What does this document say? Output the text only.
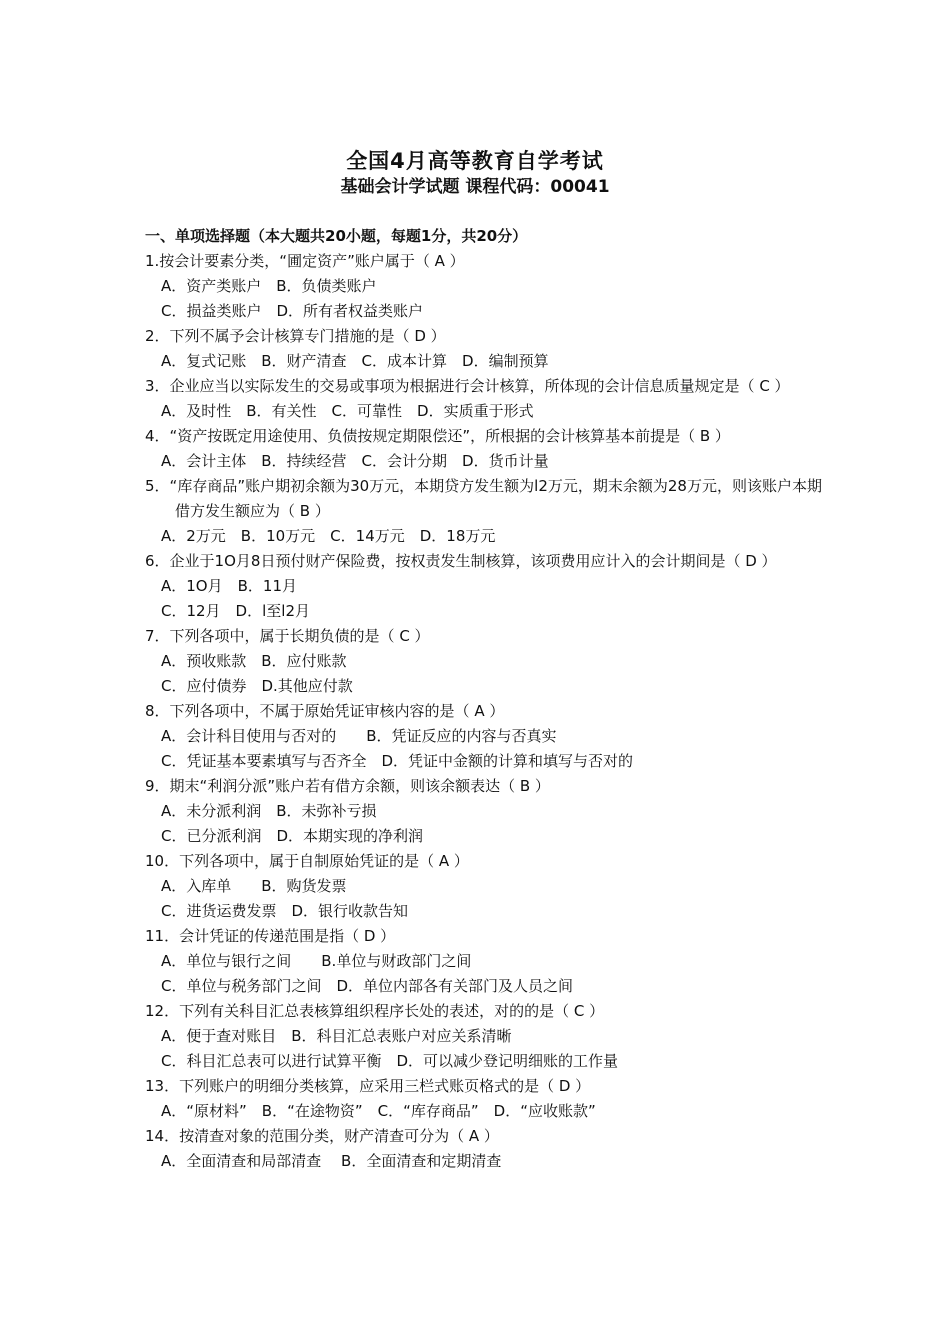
全国4月高等教育自学考试
基础会计学试题 课程代码：00041
一、单项选择题（本大题共20小题，每题1分，共20分）
1.按会计要素分类，“圃定资产”账户属于（ A ）
A．资产类账户　B．负债类账户
C．损益类账户　D．所有者权益类账户
2．下列不属予会计核算专门措施的是（ D ）
A．复式记账　B．财产清查　C．成本计算　D．编制预算
3．企业应当以实际发生的交易或事项为根据进行会计核算，所体现的会计信息质量规定是（ C ）
A．及时性　B．有关性　C．可靠性　D．实质重于形式
4．“资产按既定用途使用、负债按规定期限偿还”，所根据的会计核算基本前提是（ B ）
A．会计主体　B．持续经营　C．会计分期　D．货币计量
5．“库存商品”账户期初余额为30万元，本期贷方发生额为l2万元，期末余额为28万元，则该账户本期借方发生额应为（ B ）
A．2万元　B．10万元　C．14万元　D．18万元
6．企业于1O月8日预付财产保险费，按权责发生制核算，该项费用应计入的会计期间是（ D ）
A．1O月　B．11月
C．12月　D．l至l2月
7．下列各项中，属于长期负债的是（ C ）
A．预收账款　B．应付账款
C．应付债券　D.其他应付款
8．下列各项中，不属于原始凭证审核内容的是（ A ）
A．会计科目使用与否对的　　B．凭证反应的内容与否真实
C．凭证基本要素填写与否齐全　D．凭证中金额的计算和填写与否对的
9．期末“利润分派”账户若有借方余额，则该余额表达（ B ）
A．未分派利润　B．未弥补亏损
C．已分派利润　D．本期实现的净利润
10．下列各项中，属于自制原始凭证的是（ A ）
A．入库单　　B．购货发票
C．进货运费发票　D．银行收款告知
11．会计凭证的传递范围是指（ D ）
A．单位与银行之间　　B.单位与财政部门之间
C．单位与税务部门之间　D．单位内部各有关部门及人员之间
12．下列有关科目汇总表核算组织程序长处的表述，对的的是（ C ）
A．便于查对账目　B．科目汇总表账户对应关系清晰
C．科目汇总表可以进行试算平衡　D．可以减少登记明细账的工作量
13．下列账户的明细分类核算，应采用三栏式账页格式的是（ D ）
A．“原材料”　B．“在途物资”　C．“库存商品”　D．“应收账款”
14．按清查对象的范围分类，财产清查可分为（ A ）
A．全面清查和局部清查　 B．全面清查和定期清查
